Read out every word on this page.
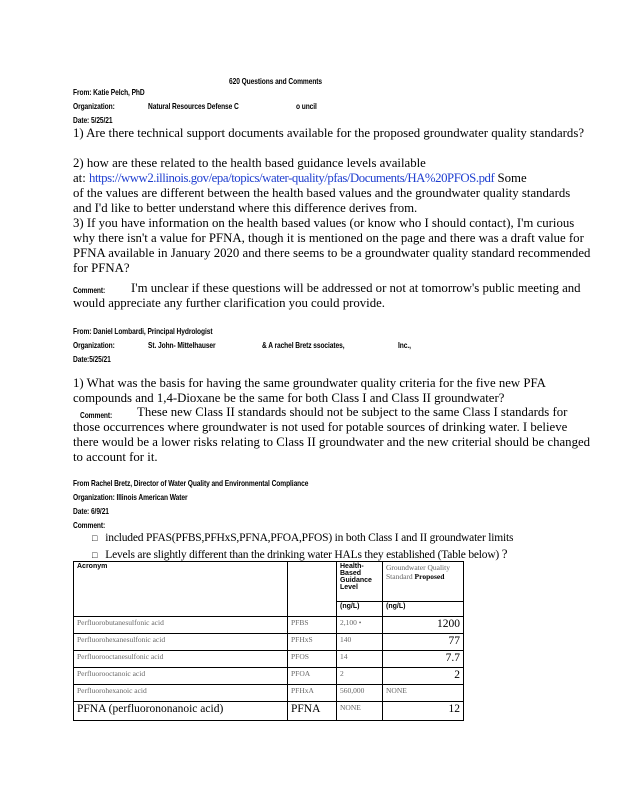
620 Questions and Comments
From: Katie Pelch, PhD
Organization:	Natural Resources Defense C	o uncil
Date: 5/25/21
1) Are there technical support documents available for the proposed groundwater quality standards?
2) how are these related to the health based guidance levels available
at: https://www2.illinois.gov/epa/topics/water-quality/pfas/Documents/HA%20PFOS.pdf Some
of the values are different between the health based values and the groundwater quality standards and I'd like to better understand where this difference derives from.
3) If you have information on the health based values (or know who I should contact), I'm curious why there isn't a value for PFNA, though it is mentioned on the page and there was a draft value for PFNA available in January 2020 and there seems to be a groundwater quality standard recommended for PFNA?
Comment:	I'm unclear if these questions will be addressed or not at tomorrow's public meeting and would appreciate any further clarification you could provide.
From: Daniel Lombardi, Principal Hydrologist
Organization:	St. John- Mittelhauser	& A rachel Bretz ssociates,	Inc.,
Date:5/25/21
1) What was the basis for having the same groundwater quality criteria for the five new PFA compounds and 1,4-Dioxane be the same for both Class I and Class II groundwater?
Comment:	These new Class II standards should not be subject to the same Class I standards for those occurrences where groundwater is not used for potable sources of drinking water. I believe there would be a lower risks relating to Class II groundwater and the new criterial should be changed to account for it.
From Rachel Bretz, Director of Water Quality and Environmental Compliance
Organization: Illinois American Water
Date: 6/9/21
Comment:
□ included PFAS(PFBS,PFHxS,PFNA,PFOA,PFOS) in both Class I and II groundwater limits
□ Levels are slightly different than the drinking water HALs they established (Table below) ?
Acronym		Health-Based Guidance Level	Groundwater Quality Standard Proposed
		(ng/L)	(ng/L)
Perfluorobutanesulfonic acid	PFBS	2,100 •	1200
Perfluorohexanesulfonic acid	PFHxS	140	77
Perfluorooctanesulfonic acid	PFOS	14	7.7
Perfluorooctanoic acid	PFOA	2	2
Perfluorohexanoic acid	PFHxA	560,000	NONE
PFNA (perfluorononanoic acid)	PFNA	NONE	12
